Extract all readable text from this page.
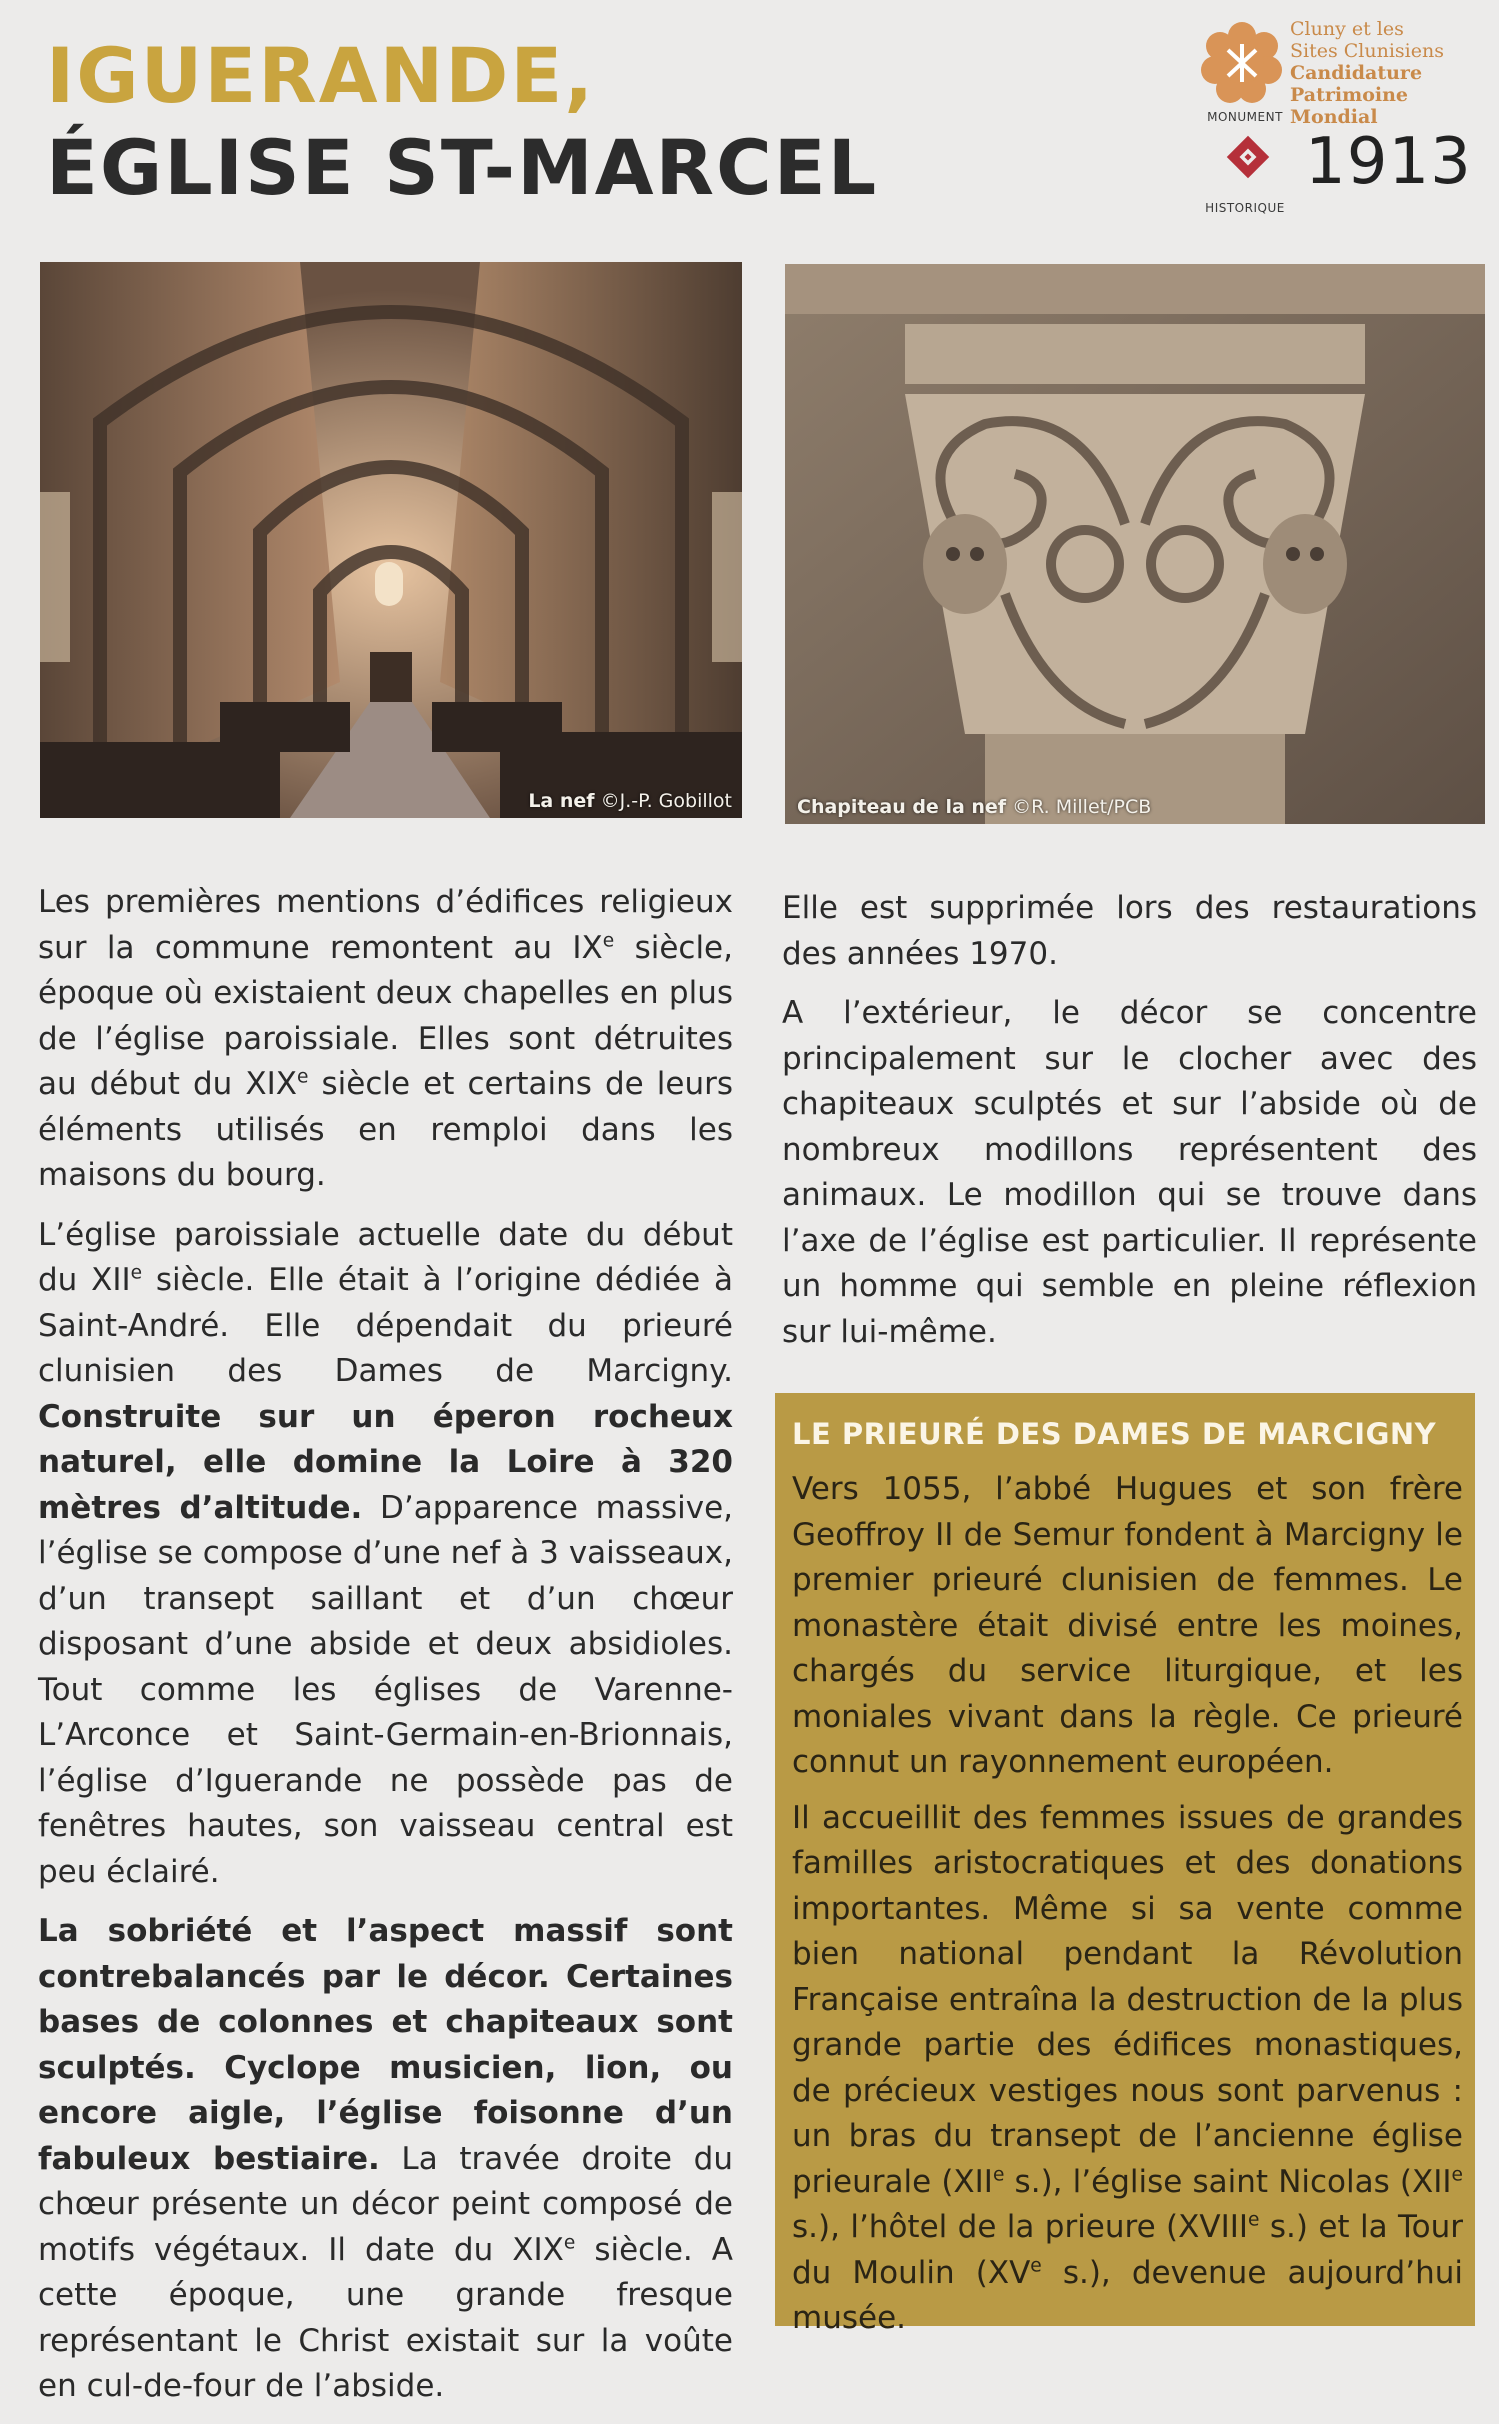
IGUERANDE,
ÉGLISE ST-MARCEL
Cluny et les
Sites Clunisiens
Candidature
Patrimoine Mondial
MONUMENT
HISTORIQUE
1913
La nef ©J.-P. Gobillot	Chapiteau de la nef ©R. Millet/PCB

Les premières mentions d’édifices religieux sur la commune remontent au IXe siècle, époque où existaient deux chapelles en plus de l’église paroissiale. Elles sont détruites au début du XIXe siècle et certains de leurs éléments utilisés en remploi dans les maisons du bourg.

L’église paroissiale actuelle date du début du XIIe siècle. Elle était à l’origine dédiée à Saint-André. Elle dépendait du prieuré clunisien des Dames de Marcigny. Construite sur un éperon rocheux naturel, elle domine la Loire à 320 mètres d’altitude. D’apparence massive, l’église se compose d’une nef à 3 vaisseaux, d’un transept saillant et d’un chœur disposant d’une abside et deux absidioles. Tout comme les églises de Varenne-L’Arconce et Saint-Germain-en-Brionnais, l’église d’Iguerande ne possède pas de fenêtres hautes, son vaisseau central est peu éclairé.

La sobriété et l’aspect massif sont contrebalancés par le décor. Certaines bases de colonnes et chapiteaux sont sculptés. Cyclope musicien, lion, ou encore aigle, l’église foisonne d’un fabuleux bestiaire. La travée droite du chœur présente un décor peint composé de motifs végétaux. Il date du XIXe siècle. A cette époque, une grande fresque représentant le Christ existait sur la voûte en cul-de-four de l’abside.

Elle est supprimée lors des restaurations des années 1970.

A l’extérieur, le décor se concentre principalement sur le clocher avec des chapiteaux sculptés et sur l’abside où de nombreux modillons représentent des animaux. Le modillon qui se trouve dans l’axe de l’église est particulier. Il représente un homme qui semble en pleine réflexion sur lui-même.

LE PRIEURÉ DES DAMES DE MARCIGNY

Vers 1055, l’abbé Hugues et son frère Geoffroy II de Semur fondent à Marcigny le premier prieuré clunisien de femmes. Le monastère était divisé entre les moines, chargés du service liturgique, et les moniales vivant dans la règle. Ce prieuré connut un rayonnement européen.

Il accueillit des femmes issues de grandes familles aristocratiques et des donations importantes. Même si sa vente comme bien national pendant la Révolution Française entraîna la destruction de la plus grande partie des édifices monastiques, de précieux vestiges nous sont parvenus : un bras du transept de l’ancienne église prieurale (XIIe s.), l’église saint Nicolas (XIIe s.), l’hôtel de la prieure (XVIIIe s.) et la Tour du Moulin (XVe s.), devenue aujourd’hui musée.
